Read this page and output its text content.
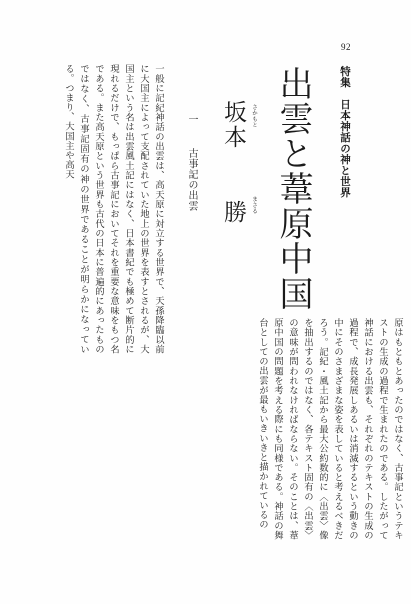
92
特集　日本神話の神と世界
出雲と葦原中国
坂本
勝
さかもと
まさる
一 古事記の出雲

一般に記紀神話の出雲は、高天原に対立する世界で、天孫降臨以前に大国主によって支配されていた地上の世界を表すとされるが、大国主という名は出雲風土記にはなく、日本書紀でも極めて断片的に現れるだけで、もっぱら古事記においてそれを重要な意味をもつ名である。また高天原という世界も古代の日本に普遍的にあったものではなく、古事記固有の神の世界であることが明らかになっている。つまり、大国主や高天

原はもともとあったのではなく、古事記というテキストの生成の過程で生まれたのである。したがって神話における出雲も、それぞれのテキストの生成の過程で、成長発展しあるいは消滅するという動きの中にそのさまざまな姿を表していると考えるべきだろう。記紀・風土記から最大公約数的に〈出雲〉像を抽出するのではなく、各テキスト固有の〈出雲〉の意味が問われなければならない。そのことは、葦原中国の問題を考える際にも同様である。神話の舞台としての出雲が最もいきいきと描かれているの
